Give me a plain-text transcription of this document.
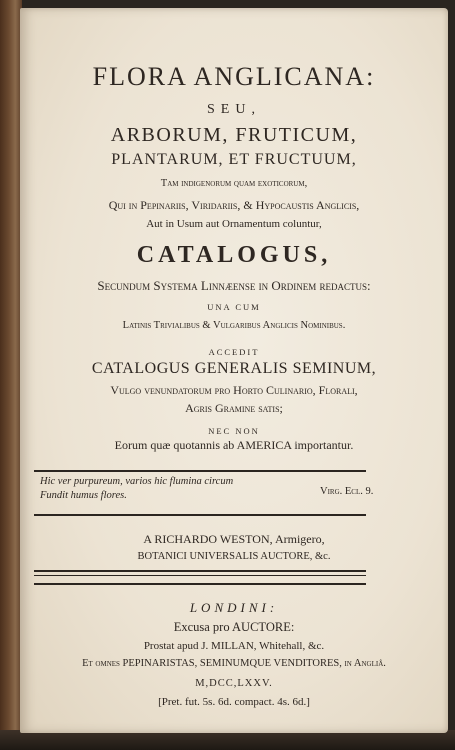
FLORA ANGLICANA:
SEU,
ARBORUM, FRUTICUM,
PLANTARUM, ET FRUCTUUM,
Tam indigenorum quam exoticorum,
Qui in Pepinariis, Viridariis, & Hypocaustis Anglicis,
Aut in Usum aut Ornamentum coluntur,
CATALOGUS,
Secundum Systema Linnæense in Ordinem redactus:
UNA CUM
Latinis Trivialibus & Vulgaribus Anglicis Nominibus.
ACCEDIT
CATALOGUS GENERALIS SEMINUM,
Vulgo venundatorum pro Horto Culinario, Florali,
Agris Gramine satis;
NEC NON
Eorum quæ quotannis ab AMERICA importantur.
Hic ver purpureum, varios hic flumina circum
Fundit humus flores.	Virg. Ecl. 9.
A RICHARDO WESTON, Armigero,
BOTANICI UNIVERSALIS AUCTORE, &c.
LONDINI:
Excusa pro AUCTORE:
Prostat apud J. MILLAN, Whitehall, &c.
Et omnes PEPINARISTAS, SEMINUMQUE VENDITORES, in Angliâ.
M,DCC,LXXV.
[Pret. fut. 5s. 6d. compact. 4s. 6d.]
